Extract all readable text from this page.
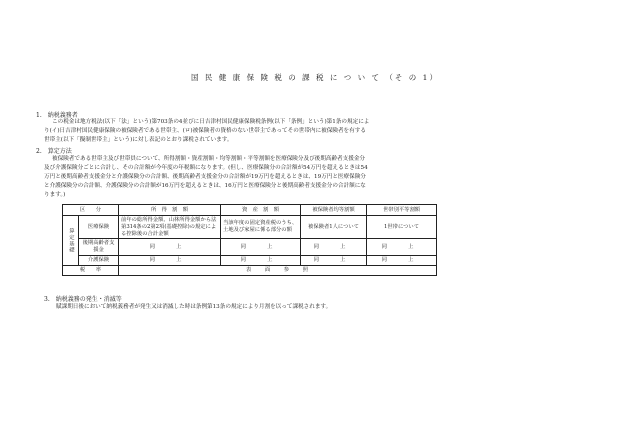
国 民 健 康 保 険 税 の 課 税 に つ い て （そ の 1）
1.　納税義務者
この税金は地方税法(以下「法」という)第703条の4並びに日吉津村国民健康保険税条例(以下「条例」という)第1条の規定によ
り(イ)日吉津村国民健康保険の被保険者である世帯主、(ロ)被保険者の資格のない世帯主であってその世帯内に被保険者を有する
世帯主(以下「擬制世帯主」という)に対し表記のとおり課税されています。
2.　算定方法
被保険者である世帯主及び世帯員について、所得割額・資産割額・均等割額・平等割額を医療保険分及び後期高齢者支援金分
及び介護保険分ごとに合計し、その合計額が今年度の年税額になります。(但し、医療保険分の合計額が54万円を超えるときは54
万円と後期高齢者支援金分と介護保険分の合計額、後期高齢者支援金分の合計額が19万円を超えるときは、19万円と医療保険分
と介護保険分の合計額、介護保険分の合計額が16万円を超えるときは、16万円と医療保険分と後期高齢者支援金分の合計額にな
ります。)
区　　分		所　得　割　額	資　産　割　額	被保険者均等割額	世帯別平等割額
算定基礎	医療保険	前年の総所得金額、山林所得金額から法第314条の2第2項(基礎控除)の規定による控除後の合計金額	当該年度の固定資産税のうち、土地及び家屋に係る部分の額	被保険者1人について	1世帯について
	後期高齢者支援金	同　上	同　上	同　上	同　上
	介護保険	同　上	同　上	同　上	同　上
税　　率		表　　面　　参　　照			
3.　納税義務の発生・消滅等
賦課期日後において納税義務者が発生又は消滅した時は条例第13条の規定により月割を以って課税されます。
